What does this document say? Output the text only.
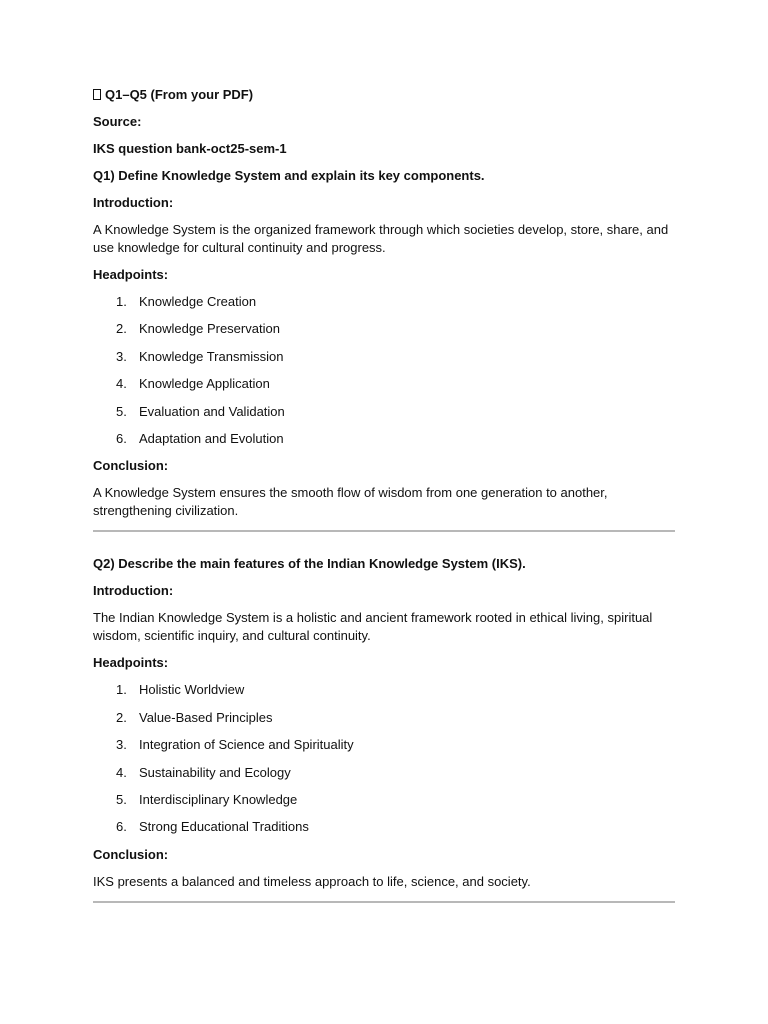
Q1–Q5 (From your PDF)
Source:
IKS question bank-oct25-sem-1
Q1) Define Knowledge System and explain its key components.
Introduction:
A Knowledge System is the organized framework through which societies develop, store, share, and use knowledge for cultural continuity and progress.
Headpoints:
1. Knowledge Creation
2. Knowledge Preservation
3. Knowledge Transmission
4. Knowledge Application
5. Evaluation and Validation
6. Adaptation and Evolution
Conclusion:
A Knowledge System ensures the smooth flow of wisdom from one generation to another, strengthening civilization.
Q2) Describe the main features of the Indian Knowledge System (IKS).
Introduction:
The Indian Knowledge System is a holistic and ancient framework rooted in ethical living, spiritual wisdom, scientific inquiry, and cultural continuity.
Headpoints:
1. Holistic Worldview
2. Value-Based Principles
3. Integration of Science and Spirituality
4. Sustainability and Ecology
5. Interdisciplinary Knowledge
6. Strong Educational Traditions
Conclusion:
IKS presents a balanced and timeless approach to life, science, and society.
